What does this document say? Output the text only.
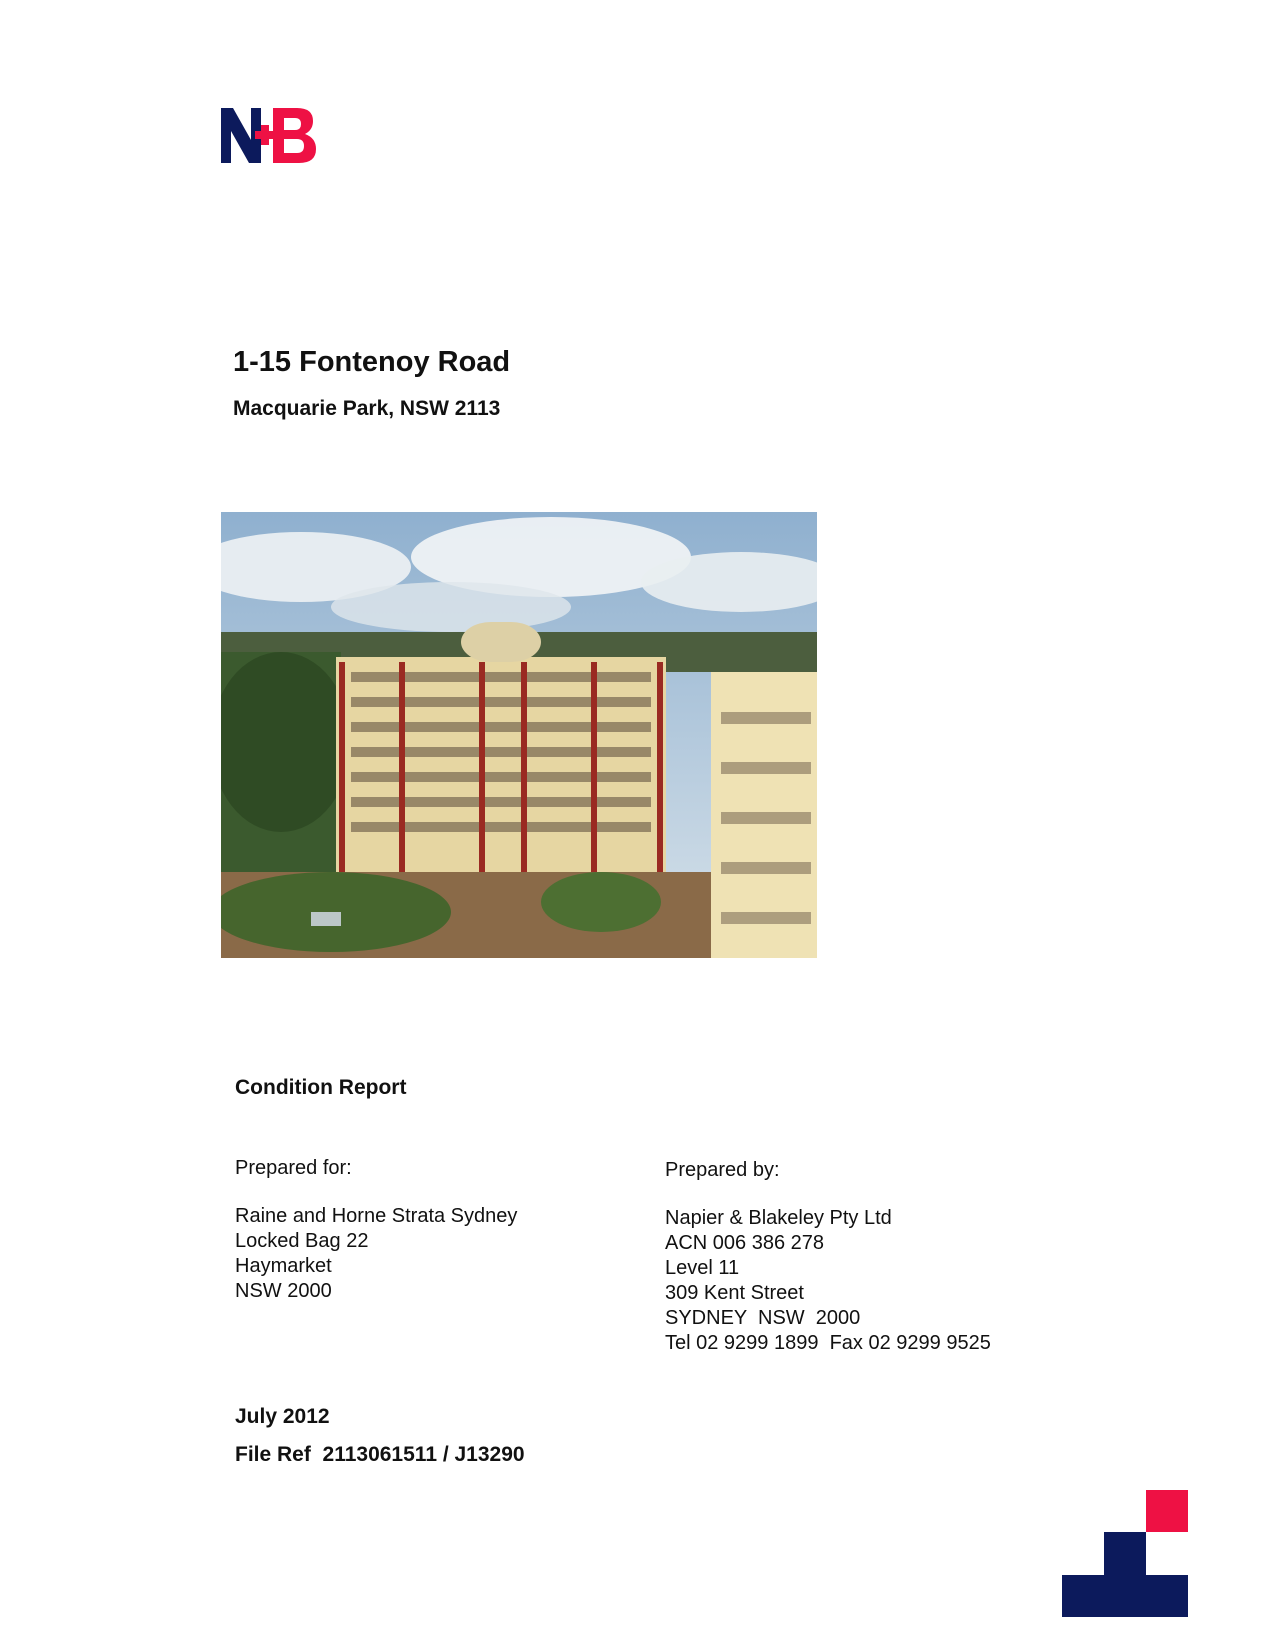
1-15 Fontenoy Road
Macquarie Park, NSW 2113
Condition Report
Prepared for:
Raine and Horne Strata Sydney
Locked Bag 22
Haymarket
NSW 2000
Prepared by:
Napier & Blakeley Pty Ltd
ACN 006 386 278
Level 11
309 Kent Street
SYDNEY  NSW  2000
Tel 02 9299 1899  Fax 02 9299 9525
July 2012
File Ref  2113061511 / J13290
